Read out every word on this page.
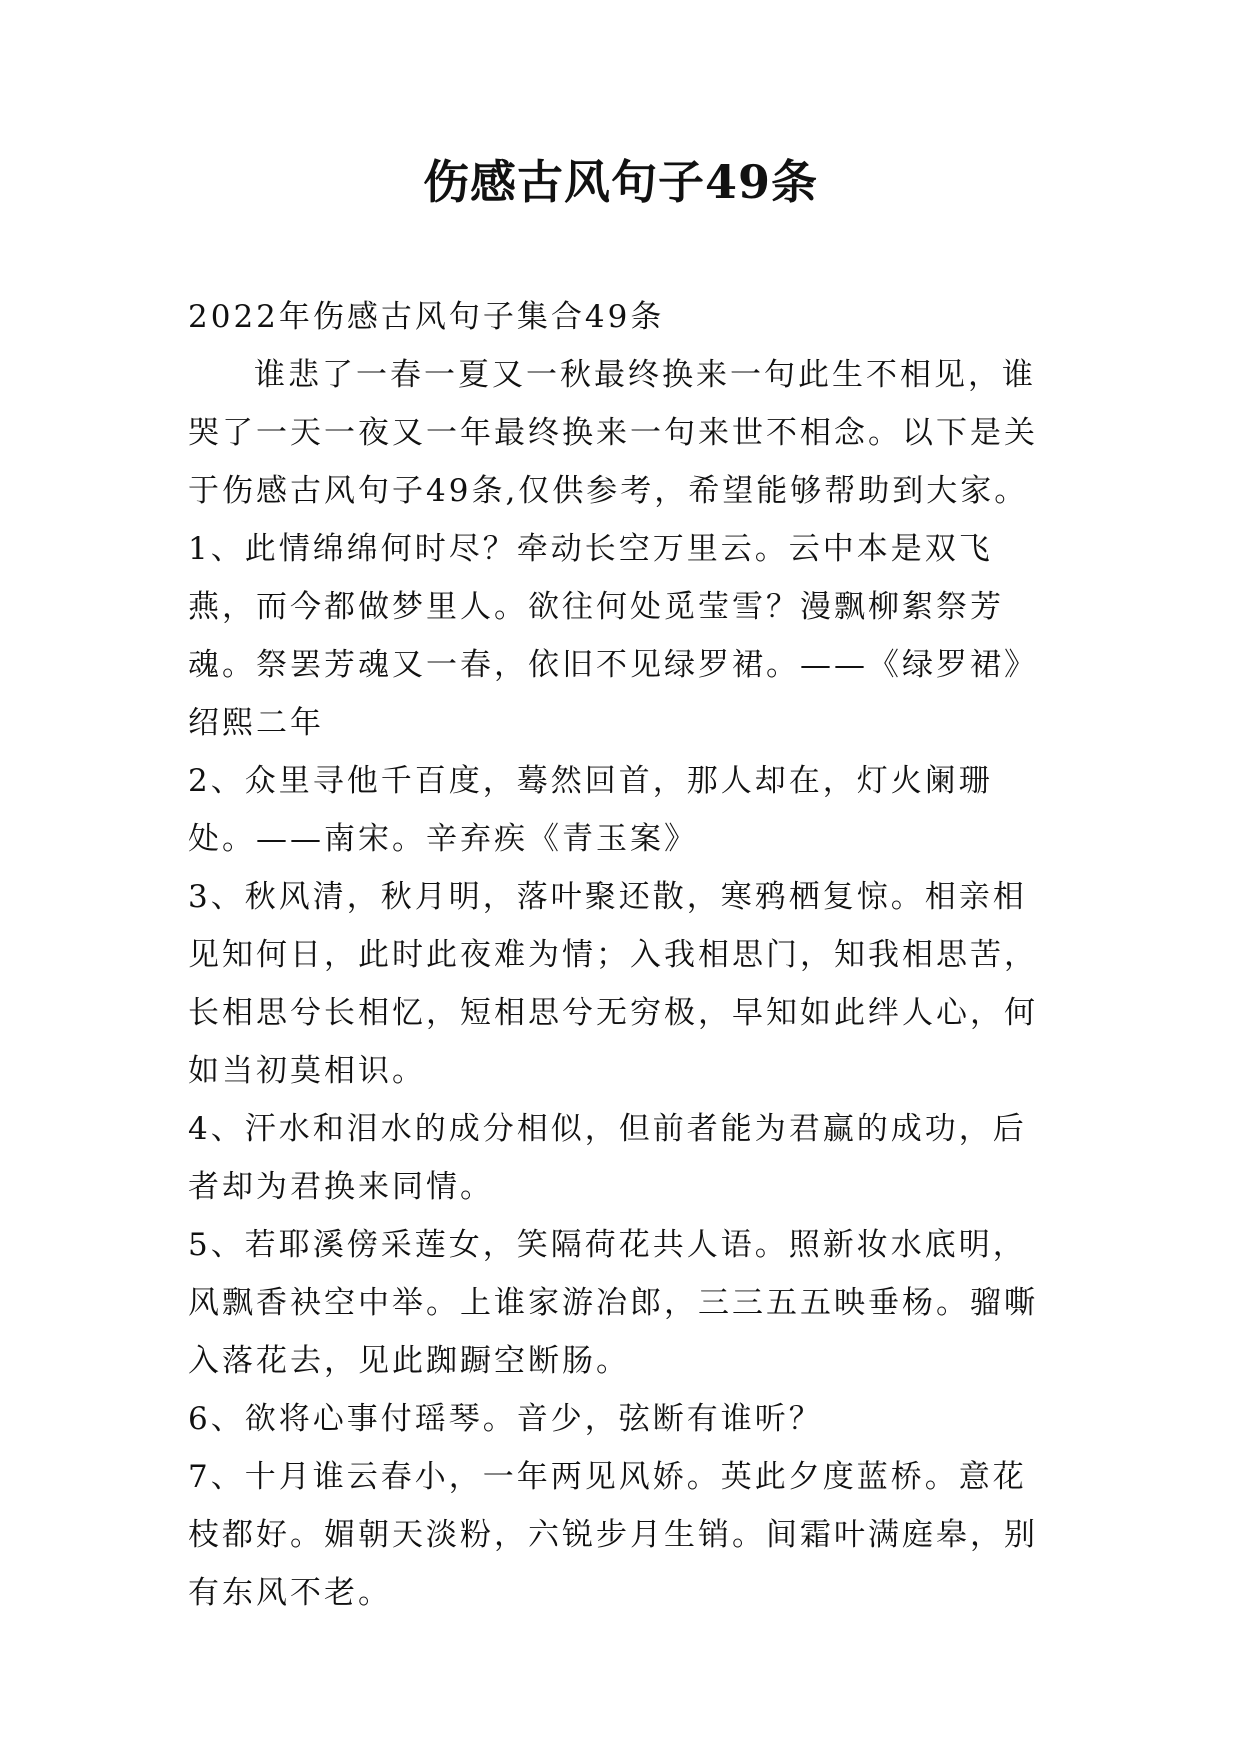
伤感古风句子49条

2022年伤感古风句子集合49条

谁悲了一春一夏又一秋最终换来一句此生不相见，谁哭了一天一夜又一年最终换来一句来世不相念。以下是关于伤感古风句子49条,仅供参考，希望能够帮助到大家。

1、此情绵绵何时尽？牵动长空万里云。云中本是双飞燕，而今都做梦里人。欲往何处觅莹雪？漫飘柳絮祭芳魂。祭罢芳魂又一春，依旧不见绿罗裙。——《绿罗裙》绍熙二年

2、众里寻他千百度，蓦然回首，那人却在，灯火阑珊处。——南宋。辛弃疾《青玉案》

3、秋风清，秋月明，落叶聚还散，寒鸦栖复惊。相亲相见知何日，此时此夜难为情；入我相思门，知我相思苦，长相思兮长相忆，短相思兮无穷极，早知如此绊人心，何如当初莫相识。

4、汗水和泪水的成分相似，但前者能为君赢的成功，后者却为君换来同情。

5、若耶溪傍采莲女，笑隔荷花共人语。照新妆水底明，风飘香袂空中举。上谁家游冶郎，三三五五映垂杨。骝嘶入落花去，见此踟蹰空断肠。

6、欲将心事付瑶琴。音少，弦断有谁听？

7、十月谁云春小，一年两见风娇。英此夕度蓝桥。意花枝都好。媚朝天淡粉，六锐步月生销。间霜叶满庭皋，别有东风不老。
